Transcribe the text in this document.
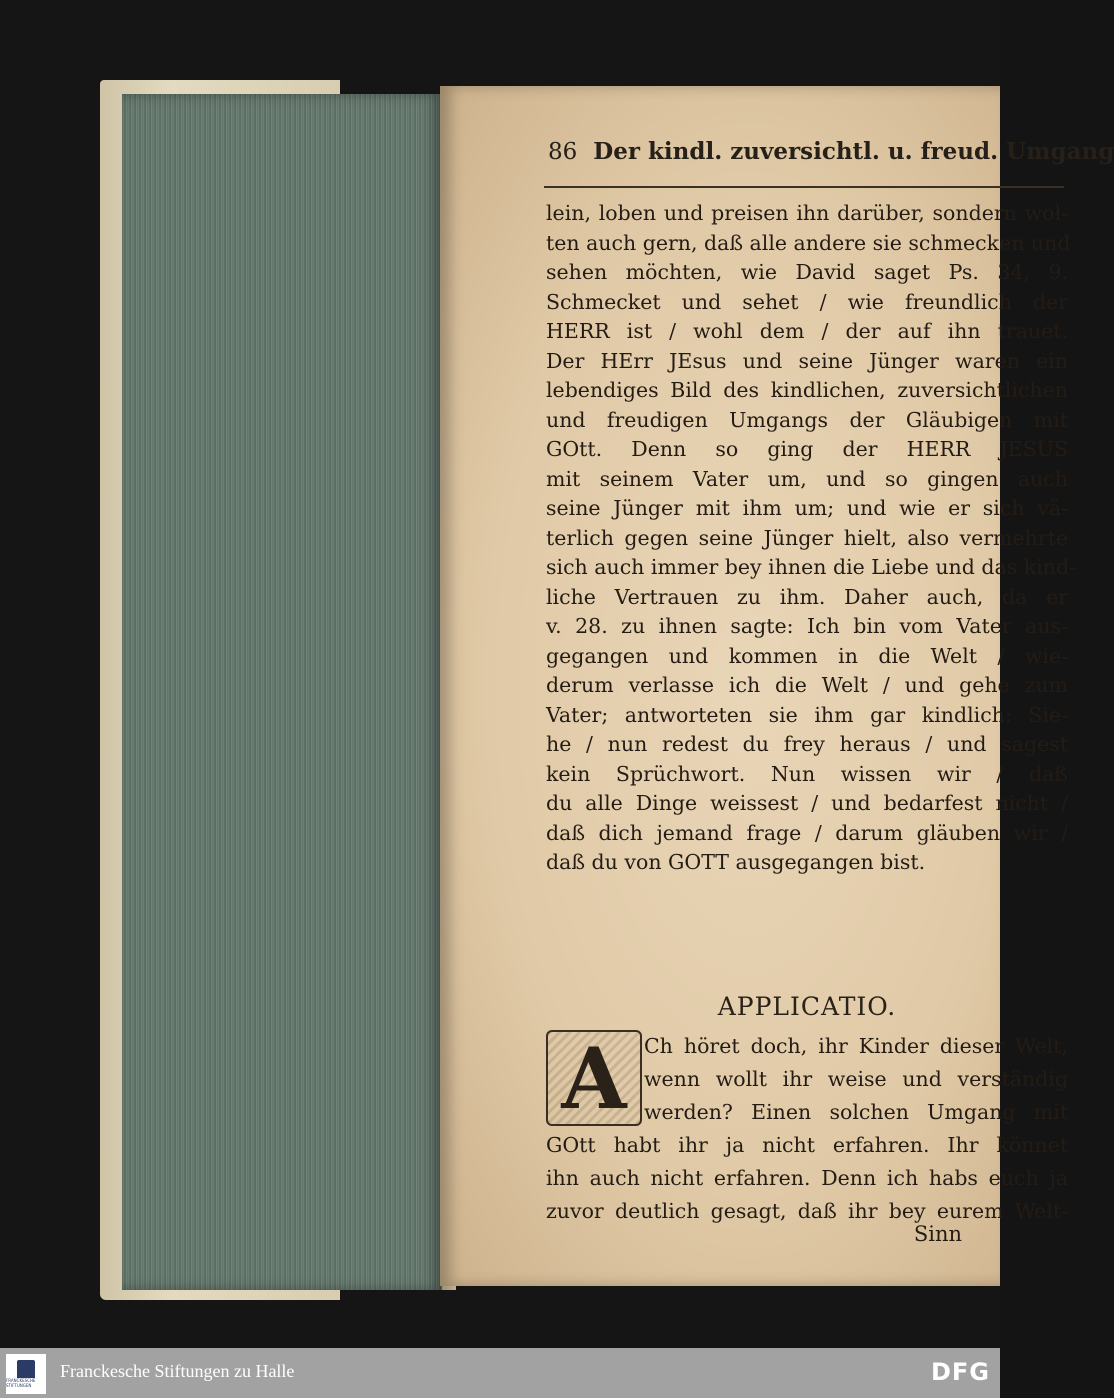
86 Der kindl. zuversichtl. u. freud. Umgang
lein, loben und preisen ihn darüber, sondern wol-
ten auch gern, daß alle andere sie schmecken und
sehen möchten, wie David saget Ps. 34, 9.
Schmecket und sehet / wie freundlich der
HERR ist / wohl dem / der auf ihn trauet.
Der HErr JEsus und seine Jünger waren ein
lebendiges Bild des kindlichen, zuversichtlichen
und freudigen Umgangs der Gläubigen mit
GOtt. Denn so ging der HERR JESUS
mit seinem Vater um, und so gingen auch
seine Jünger mit ihm um; und wie er sich vä-
terlich gegen seine Jünger hielt, also vermehrte
sich auch immer bey ihnen die Liebe und das kind-
liche Vertrauen zu ihm. Daher auch, da er
v. 28. zu ihnen sagte: Ich bin vom Vater aus-
gegangen und kommen in die Welt / wie-
derum verlasse ich die Welt / und gehe zum
Vater; antworteten sie ihm gar kindlich: Sie-
he / nun redest du frey heraus / und sagest
kein Sprüchwort. Nun wissen wir / daß
du alle Dinge weissest / und bedarfest nicht /
daß dich jemand frage / darum gläuben wir /
daß du von GOTT ausgegangen bist.
APPLICATIO.
A Ch höret doch, ihr Kinder dieser Welt,
wenn wollt ihr weise und verständig
werden? Einen solchen Umgang mit
GOtt habt ihr ja nicht erfahren. Ihr könnet
ihn auch nicht erfahren. Denn ich habs euch ja
zuvor deutlich gesagt, daß ihr bey eurem Welt-
Sinn
FRANCKESCHE STIFTUNGEN
Franckesche Stiftungen zu Halle	DFG
